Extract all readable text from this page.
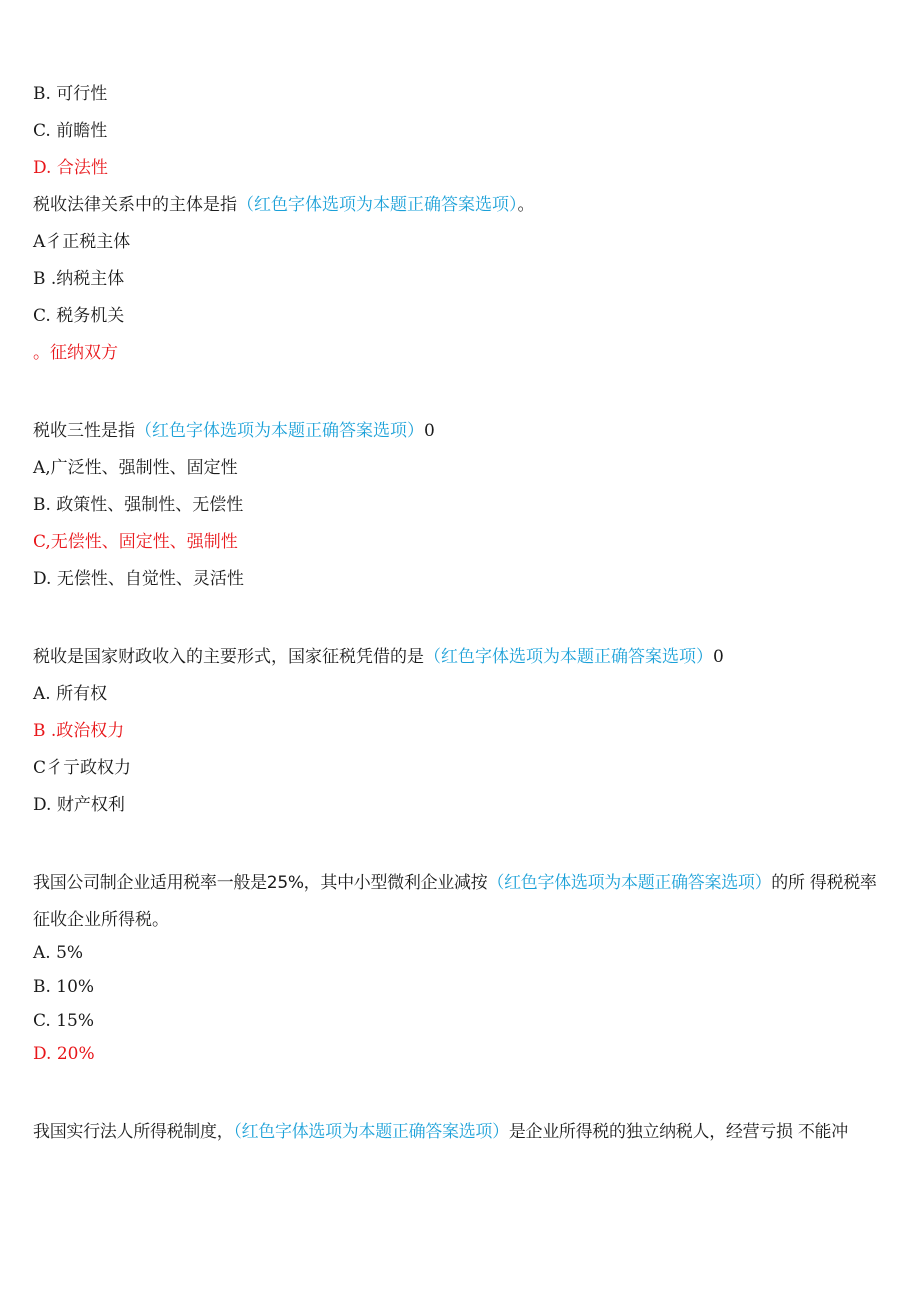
B. 可行性
C. 前瞻性
D. 合法性
税收法律关系中的主体是指（红色字体选项为本题正确答案选项）。
A彳正税主体
B .纳税主体
C. 税务机关
。征纳双方
税收三性是指（红色字体选项为本题正确答案选项）0
A,广泛性、强制性、固定性
B. 政策性、强制性、无偿性
C,无偿性、固定性、强制性
D. 无偿性、自觉性、灵活性
税收是国家财政收入的主要形式，国家征税凭借的是（红色字体选项为本题正确答案选项）0
A. 所有权
B .政治权力
C彳亍政权力
D. 财产权利
我国公司制企业适用税率一般是25%，其中小型微利企业减按（红色字体选项为本题正确答案选项）的所 得税税率
征收企业所得税。
A. 5%
B. 10%
C. 15%
D. 20%
我国实行法人所得税制度，（红色字体选项为本题正确答案选项）是企业所得税的独立纳税人，经营亏损 不能冲
